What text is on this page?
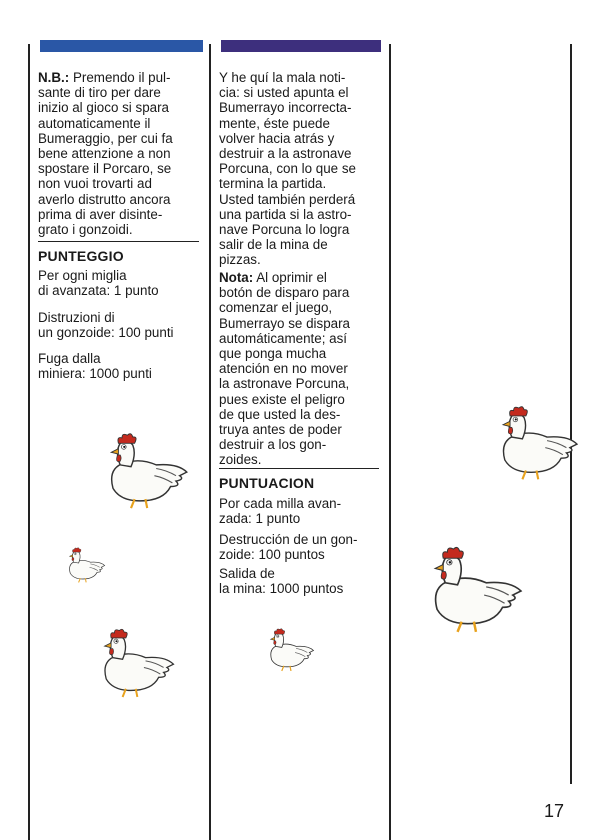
N.B.: Premendo il pul-
sante di tiro per dare
inizio al gioco si spara
automaticamente il
Bumeraggio, per cui fa
bene attenzione a non
spostare il Porcaro, se
non vuoi trovarti ad
averlo distrutto ancora
prima di aver disinte-
grato i gonzoidi.

PUNTEGGIO
Per ogni miglia
di avanzata: 1 punto
Distruzioni di
un gonzoide: 100 punti
Fuga dalla
miniera: 1000 punti

Y he quí la mala noti-
cia: si usted apunta el
Bumerrayo incorrecta-
mente, éste puede
volver hacia atrás y
destruir a la astronave
Porcuna, con lo que se
termina la partida.
Usted también perderá
una partida si la astro-
nave Porcuna lo logra
salir de la mina de
pizzas.

Nota: Al oprimir el
botón de disparo para
comenzar el juego,
Bumerrayo se dispara
automáticamente; así
que ponga mucha
atención en no mover
la astronave Porcuna,
pues existe el peligro
de que usted la des-
truya antes de poder
destruir a los gon-
zoides.

PUNTUACION
Por cada milla avan-
zada: 1 punto
Destrucción de un gon-
zoide: 100 puntos
Salida de
la mina: 1000 puntos
17
